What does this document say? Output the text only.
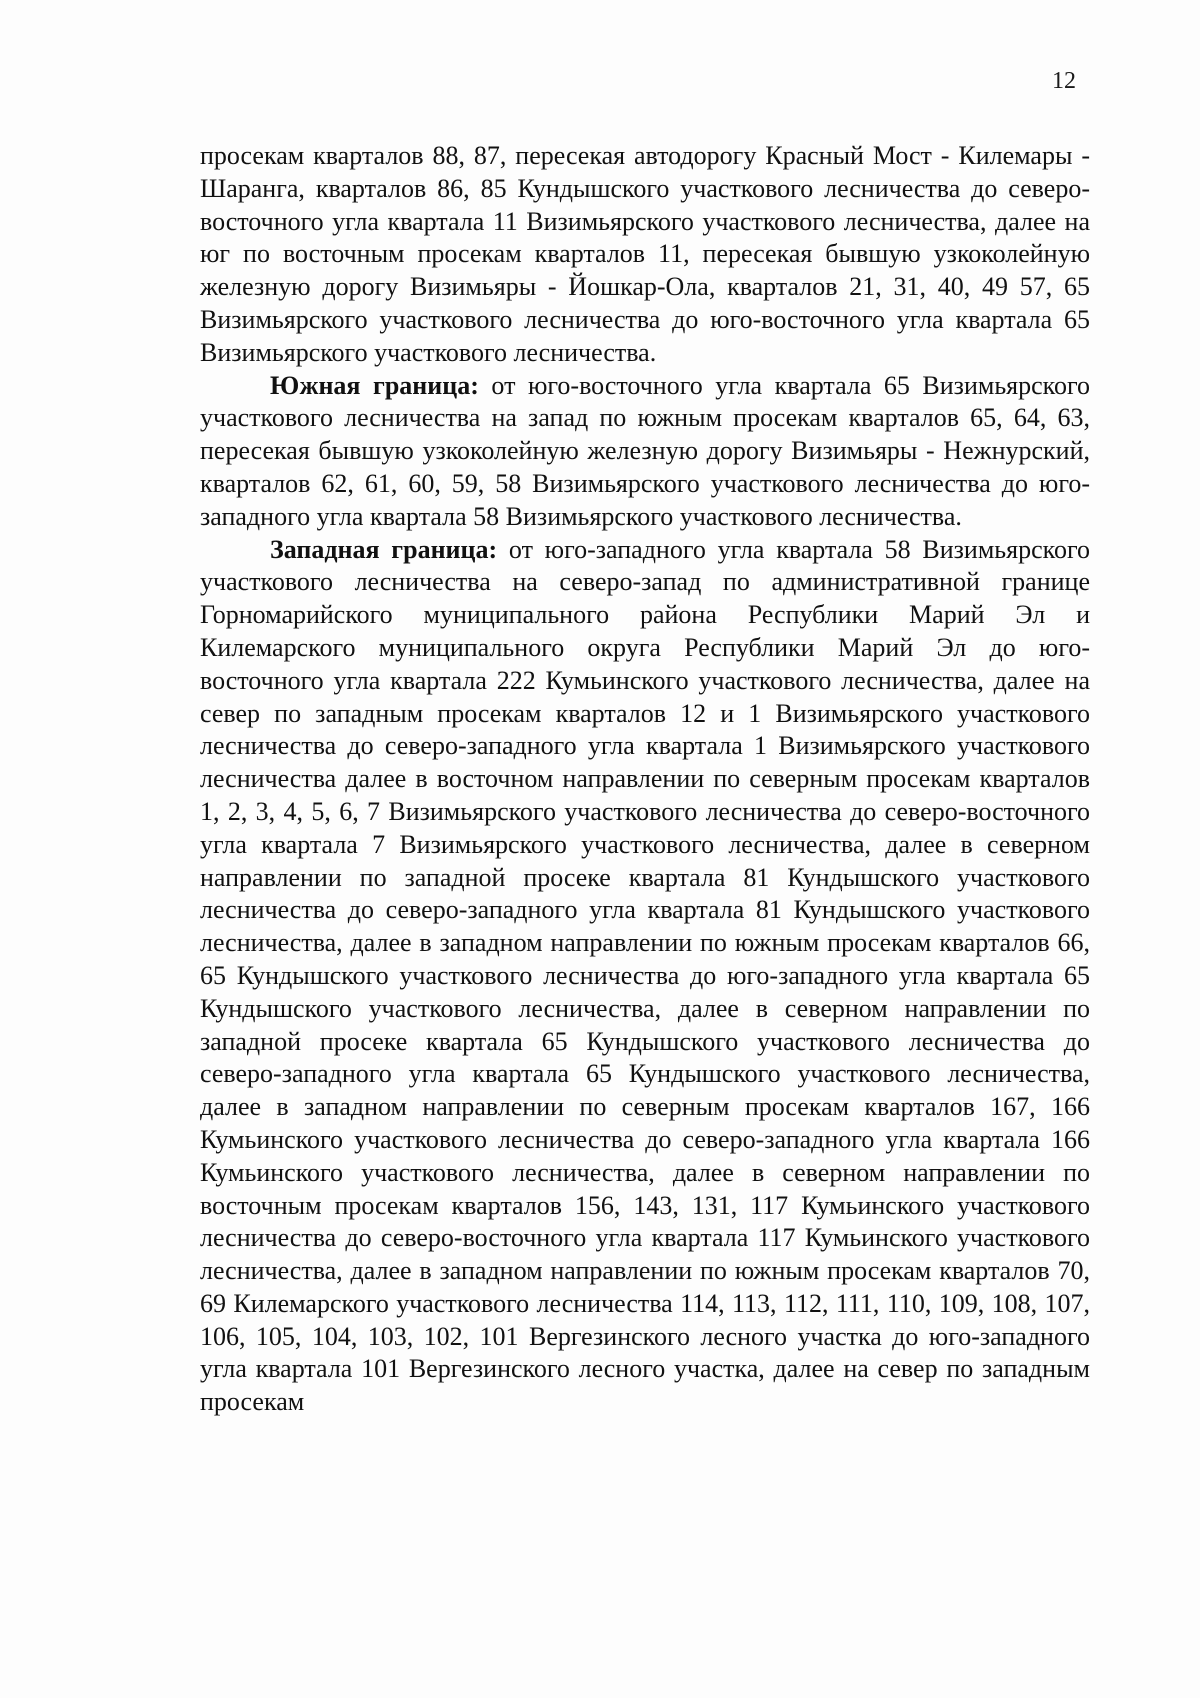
12

просекам кварталов 88, 87, пересекая автодорогу Красный Мост - Килемары - Шаранга, кварталов 86, 85 Кундышского участкового лесничества до северо-восточного угла квартала 11 Визимьярского участкового лесничества, далее на юг по восточным просекам кварталов 11, пересекая бывшую узкоколейную железную дорогу Визимьяры - Йошкар-Ола, кварталов 21, 31, 40, 49 57, 65 Визимьярского участкового лесничества до юго-восточного угла квартала 65 Визимьярского участкового лесничества.

Южная граница: от юго-восточного угла квартала 65 Визимьярского участкового лесничества на запад по южным просекам кварталов 65, 64, 63, пересекая бывшую узкоколейную железную дорогу Визимьяры - Нежнурский, кварталов 62, 61, 60, 59, 58 Визимьярского участкового лесничества до юго-западного угла квартала 58 Визимьярского участкового лесничества.

Западная граница: от юго-западного угла квартала 58 Визимьярского участкового лесничества на северо-запад по административной границе Горномарийского муниципального района Республики Марий Эл и Килемарского муниципального округа Республики Марий Эл до юго-восточного угла квартала 222 Кумьинского участкового лесничества, далее на север по западным просекам кварталов 12 и 1 Визимьярского участкового лесничества до северо-западного угла квартала 1 Визимьярского участкового лесничества далее в восточном направлении по северным просекам кварталов 1, 2, 3, 4, 5, 6, 7 Визимьярского участкового лесничества до северо-восточного угла квартала 7 Визимьярского участкового лесничества, далее в северном направлении по западной просеке квартала 81 Кундышского участкового лесничества до северо-западного угла квартала 81 Кундышского участкового лесничества, далее в западном направлении по южным просекам кварталов 66, 65 Кундышского участкового лесничества до юго-западного угла квартала 65 Кундышского участкового лесничества, далее в северном направлении по западной просеке квартала 65 Кундышского участкового лесничества до северо-западного угла квартала 65 Кундышского участкового лесничества, далее в западном направлении по северным просекам кварталов 167, 166 Кумьинского участкового лесничества до северо-западного угла квартала 166 Кумьинского участкового лесничества, далее в северном направлении по восточным просекам кварталов 156, 143, 131, 117 Кумьинского участкового лесничества до северо-восточного угла квартала 117 Кумьинского участкового лесничества, далее в западном направлении по южным просекам кварталов 70, 69 Килемарского участкового лесничества 114, 113, 112, 111, 110, 109, 108, 107, 106, 105, 104, 103, 102, 101 Вергезинского лесного участка до юго-западного угла квартала 101 Вергезинского лесного участка, далее на север по западным просекам
